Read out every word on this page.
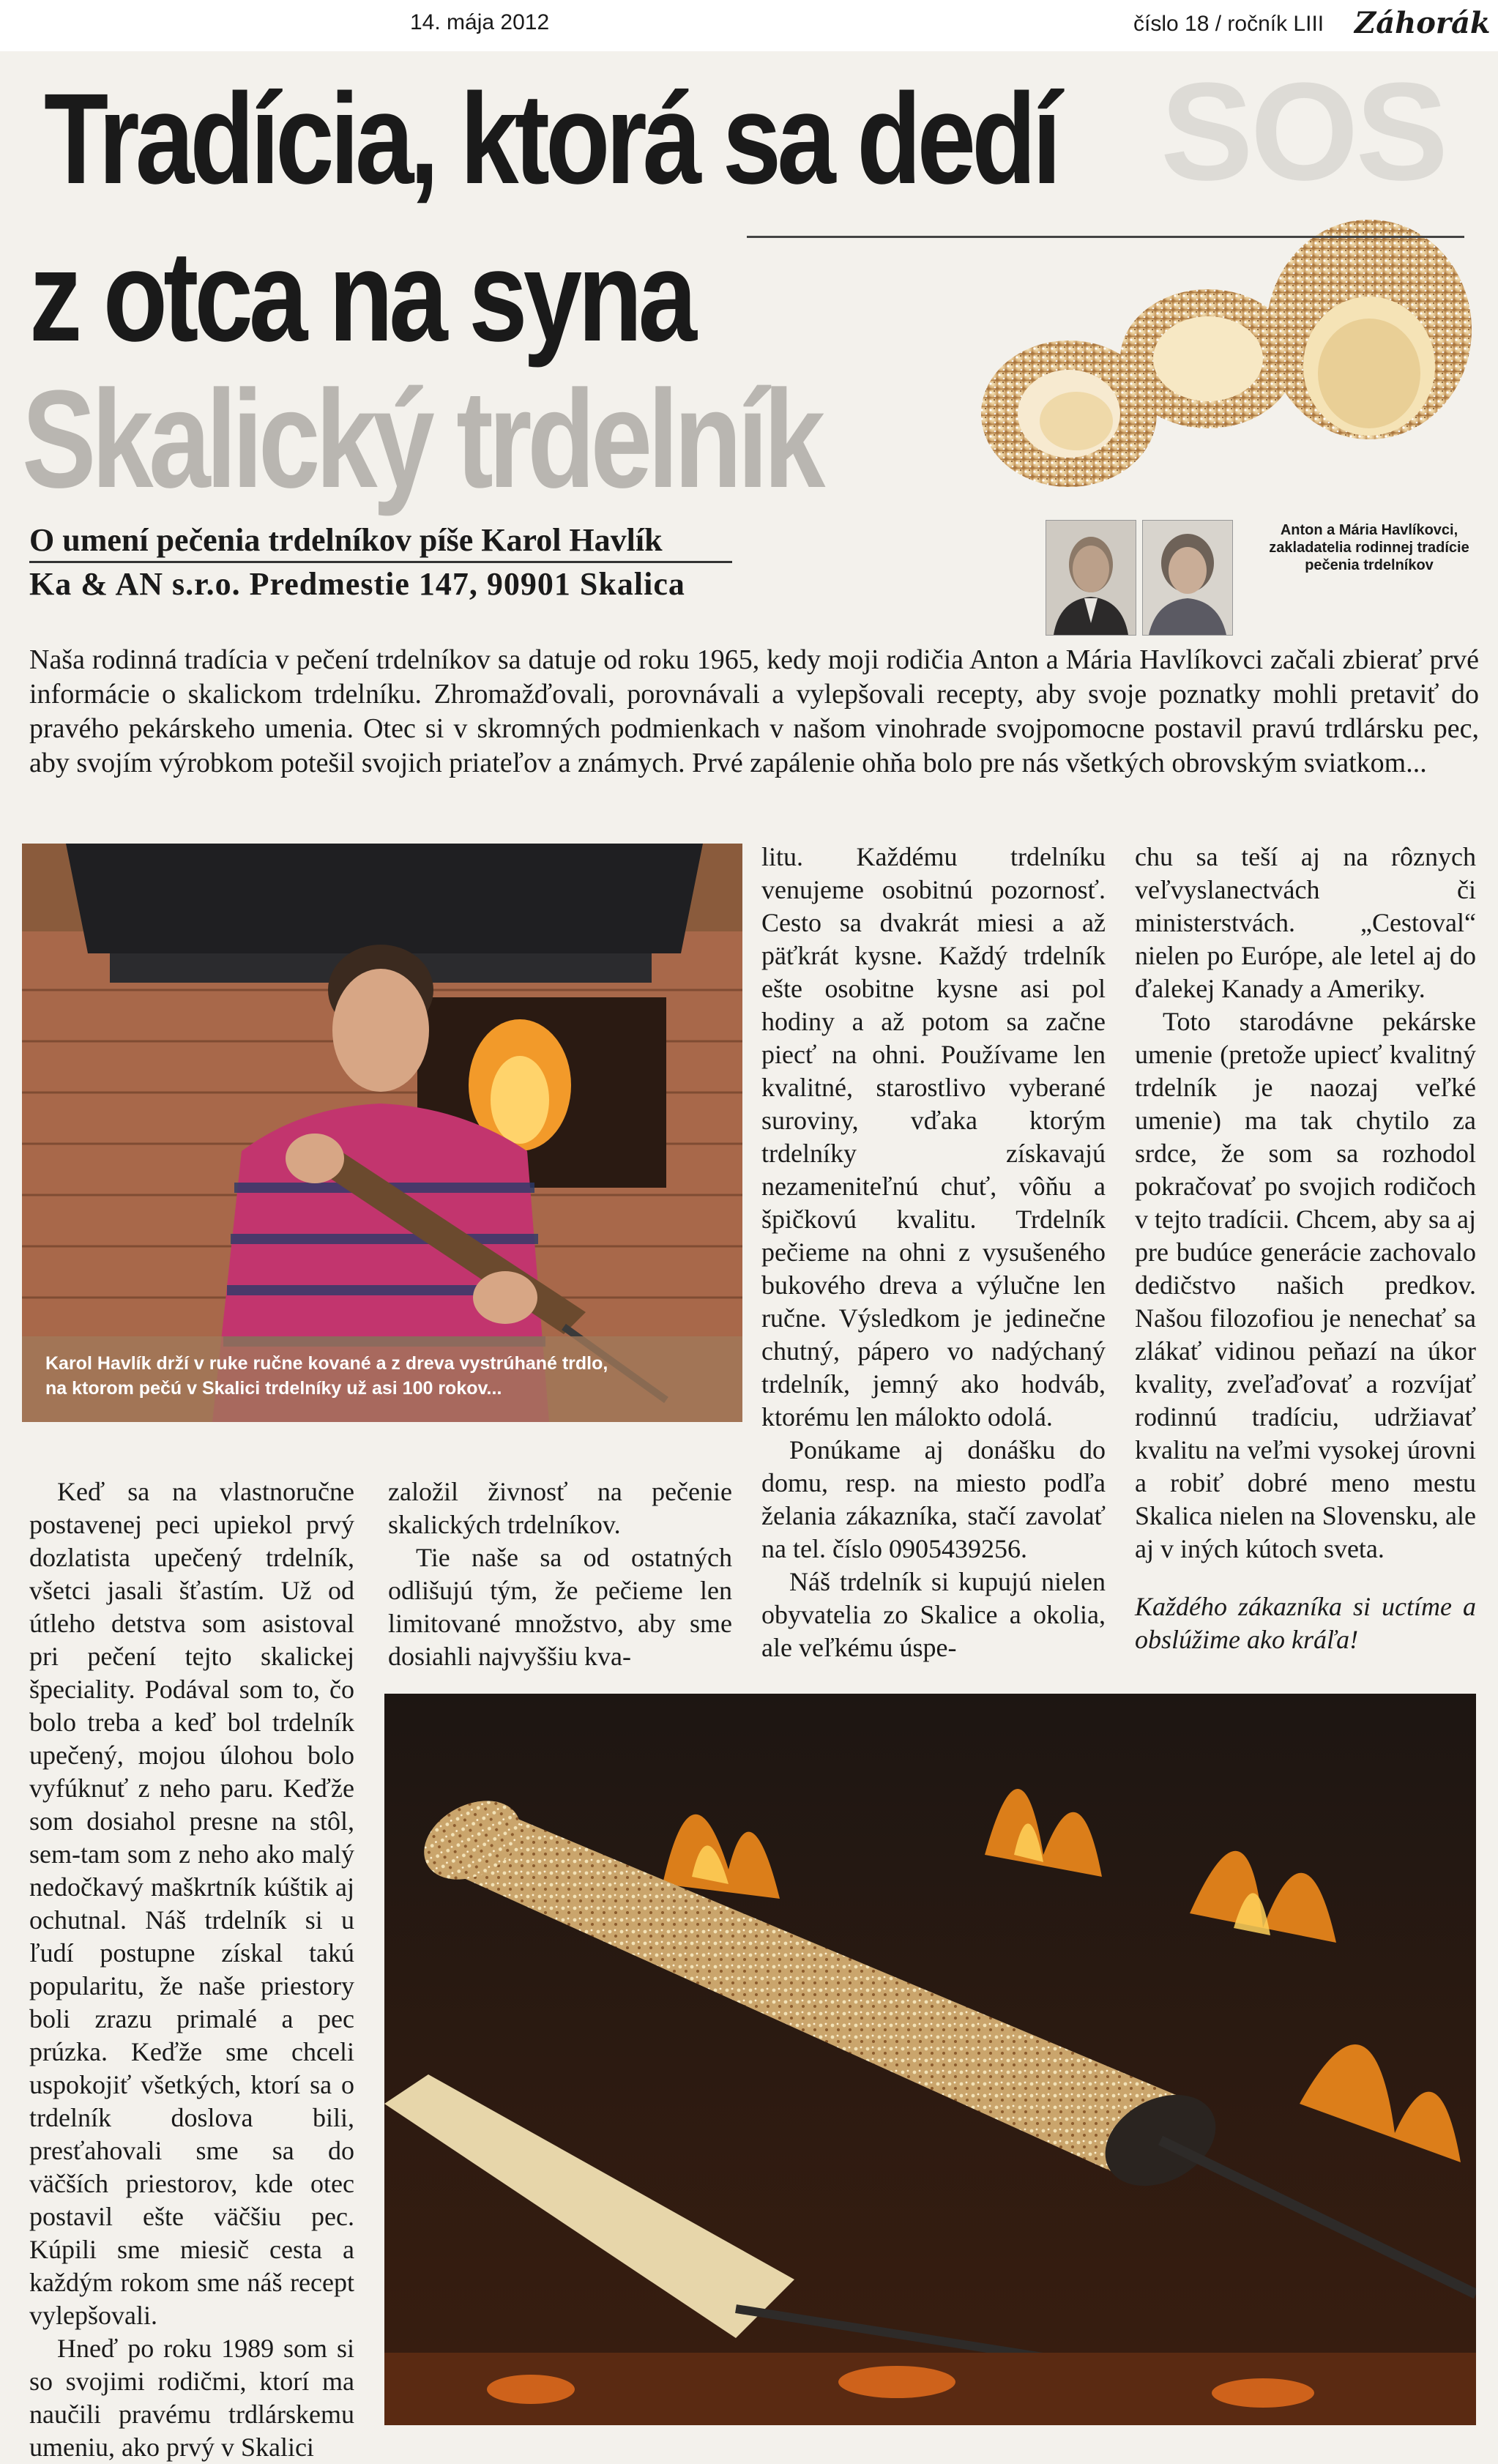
14. mája 2012	číslo 18 / ročník LIII Záhorák
SOS
Tradícia, ktorá sa dedí
z otca na syna
Skalický trdelník
O umení pečenia trdelníkov píše Karol Havlík
Ka & AN s.r.o. Predmestie 147, 90901 Skalica
Anton a Mária Havlíkovci, zakladatelia rodinnej tradície pečenia trdelníkov
Naša rodinná tradícia v pečení trdelníkov sa datuje od roku 1965, kedy moji rodičia Anton a Mária Havlíkovci začali zbierať prvé informácie o skalickom trdelníku. Zhromažďovali, porovnávali a vylepšovali recepty, aby svoje poznatky mohli pretaviť do pravého pekárskeho umenia. Otec si v skromných podmienkach v našom vinohrade svojpomocne postavil pravú trdlársku pec, aby svojím výrobkom potešil svojich priateľov a známych. Prvé zapálenie ohňa bolo pre nás všetkých obrovským sviatkom...
Karol Havlík drží v ruke ručne kované a z dreva vystrúhané trdlo,
na ktorom pečú v Skalici trdelníky už asi 100 rokov...

Keď sa na vlastnoručne postavenej peci upiekol prvý dozlatista upečený trdelník, všetci jasali šťastím. Už od útleho detstva som asistoval pri pečení tejto skalickej špeciality. Podával som to, čo bolo treba a keď bol trdelník upečený, mojou úlohou bolo vyfúknuť z neho paru. Keďže som dosiahol presne na stôl, sem-tam som z neho ako malý nedočkavý maškrtník kúštik aj ochutnal. Náš trdelník si u ľudí postupne získal takú popularitu, že naše priestory boli zrazu primalé a pec prúzka. Keďže sme chceli uspokojiť všetkých, ktorí sa o trdelník doslova bili, presťahovali sme sa do väčších priestorov, kde otec postavil ešte väčšiu pec. Kúpili sme miesič cesta a každým rokom sme náš recept vylepšovali.

Hneď po roku 1989 som si so svojimi rodičmi, ktorí ma naučili pravému trdlárskemu umeniu, ako prvý v Skalici

založil živnosť na pečenie skalických trdelníkov.

Tie naše sa od ostatných odlišujú tým, že pečieme len limitované množstvo, aby sme dosiahli najvyššiu kva-

litu. Každému trdelníku venujeme osobitnú pozornosť. Cesto sa dvakrát miesi a až päťkrát kysne. Každý trdelník ešte osobitne kysne asi pol hodiny a až potom sa začne piecť na ohni. Používame len kvalitné, starostlivo vyberané suroviny, vďaka ktorým trdelníky získavajú nezameniteľnú chuť, vôňu a špičkovú kvalitu. Trdelník pečieme na ohni z vysušeného bukového dreva a výlučne len ručne. Výsledkom je jedinečne chutný, pápero vo nadýchaný trdelník, jemný ako hodváb, ktorému len málokto odolá.

Ponúkame aj donášku do domu, resp. na miesto podľa želania zákazníka, stačí zavolať na tel. číslo 0905439256.

Náš trdelník si kupujú nielen obyvatelia zo Skalice a okolia, ale veľkému úspe-

chu sa teší aj na rôznych veľvyslanectvách či ministerstvách. „Cestoval“ nielen po Európe, ale letel aj do ďalekej Kanady a Ameriky.

Toto starodávne pekárske umenie (pretože upiecť kvalitný trdelník je naozaj veľké umenie) ma tak chytilo za srdce, že som sa rozhodol pokračovať po svojich rodičoch v tejto tradícii. Chcem, aby sa aj pre budúce generácie zachovalo dedičstvo našich predkov. Našou filozofiou je nenechať sa zlákať vidinou peňazí na úkor kvality, zveľaďovať a rozvíjať rodinnú tradíciu, udržiavať kvalitu na veľmi vysokej úrovni a robiť dobré meno mestu Skalica nielen na Slovensku, ale aj v iných kútoch sveta.

Každého zákazníka si uctíme a obslúžime ako kráľa!
